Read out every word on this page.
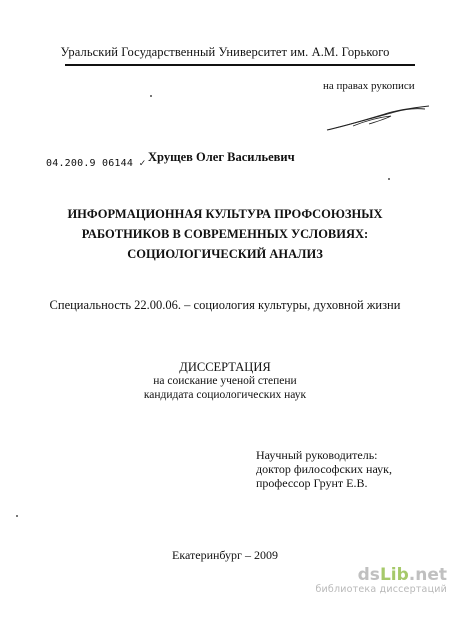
Уральский Государственный Университет им. А.М. Горького
на правах рукописи
04.200.9 06144 ✓ Хрущев Олег Васильевич
ИНФОРМАЦИОННАЯ КУЛЬТУРА ПРОФСОЮЗНЫХ
РАБОТНИКОВ В СОВРЕМЕННЫХ УСЛОВИЯХ:
СОЦИОЛОГИЧЕСКИЙ АНАЛИЗ
Специальность 22.00.06. – социология культуры, духовной жизни
ДИССЕРТАЦИЯ
на соискание ученой степени
кандидата социологических наук
Научный руководитель:
доктор философских наук,
профессор Грунт Е.В.
Екатеринбург – 2009
dsLib.net
библиотека диссертаций
